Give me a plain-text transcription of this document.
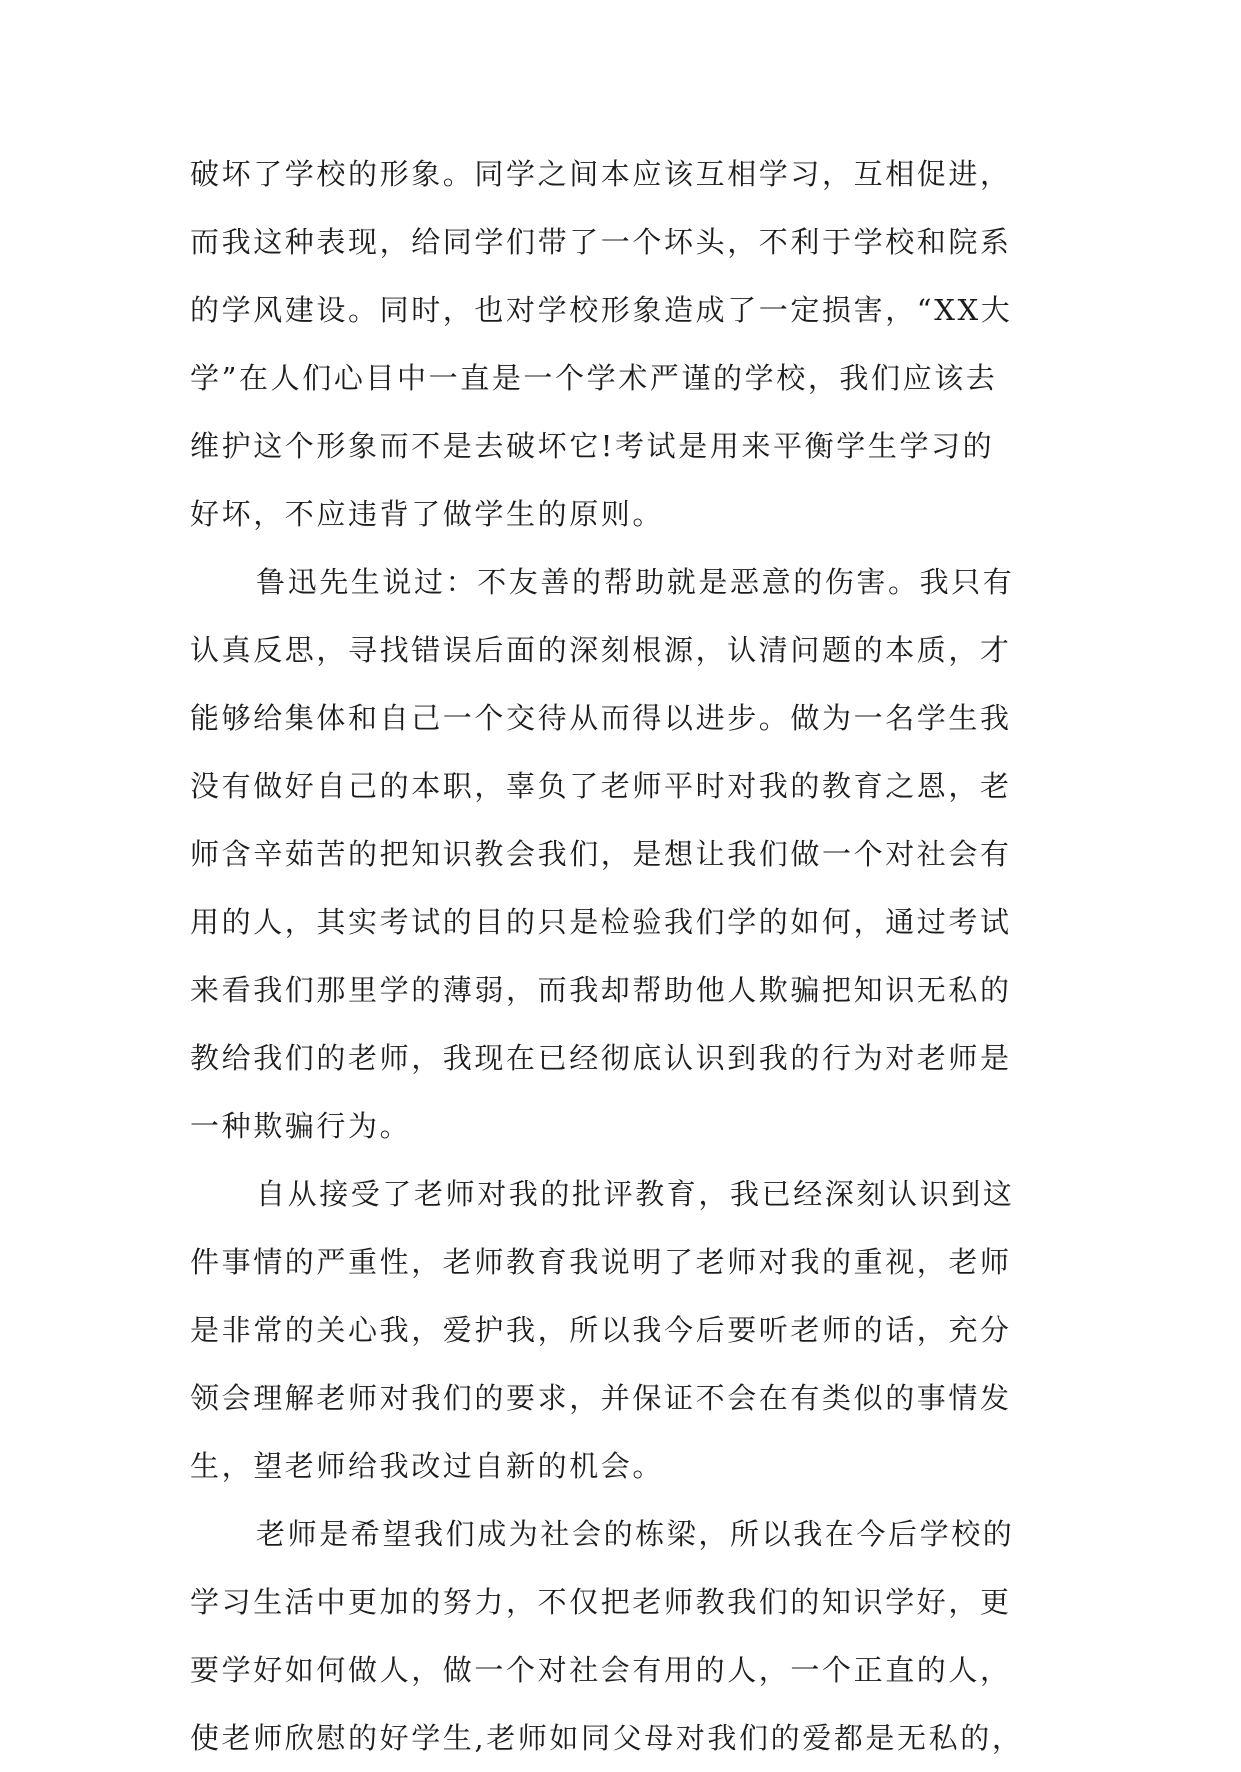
破坏了学校的形象。同学之间本应该互相学习，互相促进，
而我这种表现，给同学们带了一个坏头，不利于学校和院系
的学风建设。同时，也对学校形象造成了一定损害，“XX大
学”在人们心目中一直是一个学术严谨的学校，我们应该去
维护这个形象而不是去破坏它!考试是用来平衡学生学习的
好坏，不应违背了做学生的原则。
鲁迅先生说过：不友善的帮助就是恶意的伤害。我只有
认真反思，寻找错误后面的深刻根源，认清问题的本质，才
能够给集体和自己一个交待从而得以进步。做为一名学生我
没有做好自己的本职，辜负了老师平时对我的教育之恩，老
师含辛茹苦的把知识教会我们，是想让我们做一个对社会有
用的人，其实考试的目的只是检验我们学的如何，通过考试
来看我们那里学的薄弱，而我却帮助他人欺骗把知识无私的
教给我们的老师，我现在已经彻底认识到我的行为对老师是
一种欺骗行为。
自从接受了老师对我的批评教育，我已经深刻认识到这
件事情的严重性，老师教育我说明了老师对我的重视，老师
是非常的关心我，爱护我，所以我今后要听老师的话，充分
领会理解老师对我们的要求，并保证不会在有类似的事情发
生，望老师给我改过自新的机会。
老师是希望我们成为社会的栋梁，所以我在今后学校的
学习生活中更加的努力，不仅把老师教我们的知识学好，更
要学好如何做人，做一个对社会有用的人，一个正直的人，
使老师欣慰的好学生,老师如同父母对我们的爱都是无私的，
